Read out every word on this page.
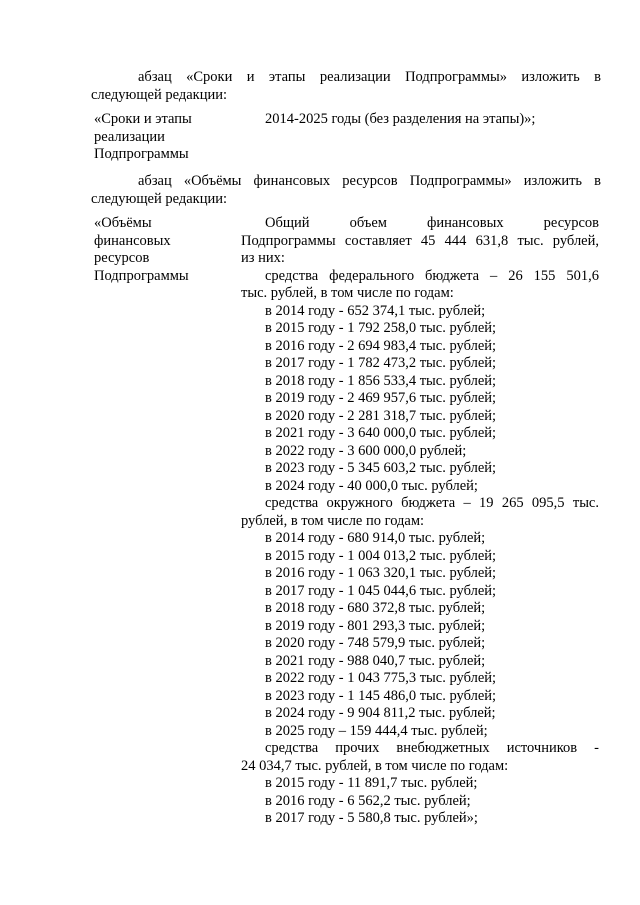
абзац «Сроки и этапы реализации Подпрограммы» изложить в
следующей редакции:
«Сроки и этапы
реализации
Подпрограммы
2014-2025 годы (без разделения на этапы)»;
абзац «Объёмы финансовых ресурсов Подпрограммы» изложить в
следующей редакции:
«Объёмы
финансовых
ресурсов
Подпрограммы
Общий объем финансовых ресурсов
Подпрограммы составляет 45 444 631,8 тыс. рублей,
из них:
средства федерального бюджета – 26 155 501,6
тыс. рублей, в том числе по годам:
в 2014 году - 652 374,1 тыс. рублей;
в 2015 году - 1 792 258,0 тыс. рублей;
в 2016 году - 2 694 983,4 тыс. рублей;
в 2017 году - 1 782 473,2 тыс. рублей;
в 2018 году - 1 856 533,4 тыс. рублей;
в 2019 году - 2 469 957,6 тыс. рублей;
в 2020 году - 2 281 318,7 тыс. рублей;
в 2021 году - 3 640 000,0 тыс. рублей;
в 2022 году - 3 600 000,0 рублей;
в 2023 году - 5 345 603,2 тыс. рублей;
в 2024 году - 40 000,0 тыс. рублей;
средства окружного бюджета – 19 265 095,5 тыс.
рублей, в том числе по годам:
в 2014 году - 680 914,0 тыс. рублей;
в 2015 году - 1 004 013,2 тыс. рублей;
в 2016 году - 1 063 320,1 тыс. рублей;
в 2017 году - 1 045 044,6 тыс. рублей;
в 2018 году - 680 372,8 тыс. рублей;
в 2019 году - 801 293,3 тыс. рублей;
в 2020 году - 748 579,9 тыс. рублей;
в 2021 году - 988 040,7 тыс. рублей;
в 2022 году - 1 043 775,3 тыс. рублей;
в 2023 году - 1 145 486,0 тыс. рублей;
в 2024 году - 9 904 811,2 тыс. рублей;
в 2025 году – 159 444,4 тыс. рублей;
средства прочих внебюджетных источников -
24 034,7 тыс. рублей, в том числе по годам:
в 2015 году - 11 891,7 тыс. рублей;
в 2016 году - 6 562,2 тыс. рублей;
в 2017 году - 5 580,8 тыс. рублей»;
